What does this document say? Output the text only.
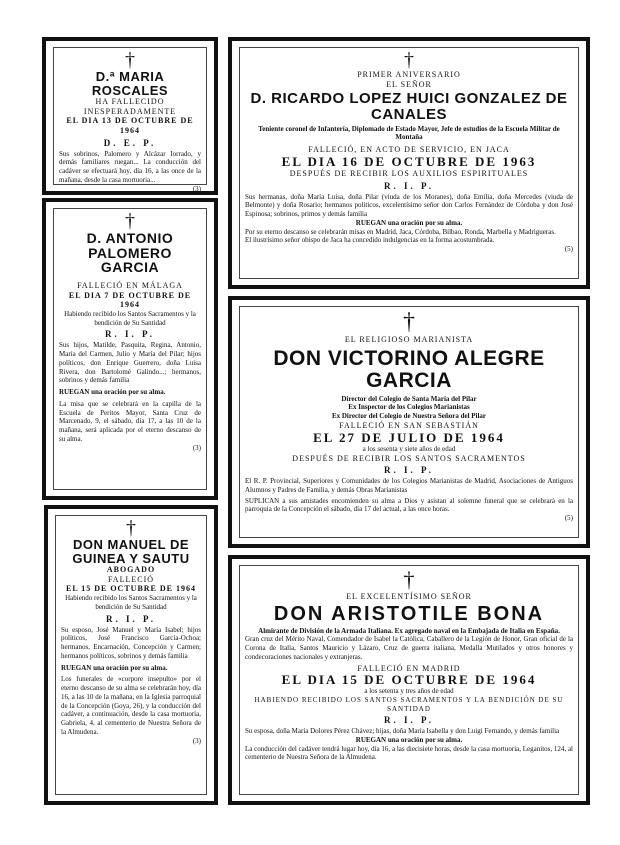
†
D.ª MARIA ROSCALES
HA FALLECIDO INESPERADAMENTE
EL DIA 13 DE OCTUBRE DE 1964
D. E. P.
Sus sobrinos, Palomero y Alcázar Iorrado, y demás familiares ruegan... La conducción del cadáver se efectuará hoy, día 16, a las once de la mañana, desde la casa mortuoria...
(3)
†
D. ANTONIO PALOMERO GARCIA
FALLECIÓ EN MÁLAGA
EL DIA 7 DE OCTUBRE DE 1964
Habiendo recibido los Santos Sacramentos y la bendición de Su Santidad
R. I. P.
Sus hijos, Matilde, Pasquita, Regina, Antonio, María del Carmen, Julio y María del Pilar; hijos políticos, don Enrique Guerrero, doña Luisa Rivera, don Bartolomé Galindo...; hermanos, sobrinos y demás familia
RUEGAN una oración por su alma.
La misa que se celebrará en la capilla de la Escuela de Peritos Mayor, Santa Cruz de Marcenado, 9, el sábado, día 17, a las 10 de la mañana, será aplicada por el eterno descanso de su alma.
(3)
†
DON MANUEL DE GUINEA Y SAUTU
ABOGADO
FALLECIÓ
EL 15 DE OCTUBRE DE 1964
Habiendo recibido los Santos Sacramentos y la bendición de Su Santidad
R. I. P.
Su esposo, José Manuel y María Isabel; hijos políticos, José Francisco García-Ochoa; hermanos, Encarnación, Concepción y Carmen; hermanos políticos, sobrinos y demás familia
RUEGAN una oración por su alma.
Los funerales de «corpore insepulto» por el eterno descanso de su alma se celebrarán hoy, día 16, a las 10 de la mañana, en la Iglesia parroquial de la Concepción (Goya, 26), y la conducción del cadáver, a continuación, desde la casa mortuoria, Gabriela, 4, al cementerio de Nuestra Señora de la Almudena.
(3)
†
PRIMER ANIVERSARIO
EL SEÑOR
D. RICARDO LOPEZ HUICI GONZALEZ DE CANALES
Teniente coronel de Infantería, Diplomado de Estado Mayor, Jefe de estudios de la Escuela Militar de Montaña
FALLECIÓ, EN ACTO DE SERVICIO, EN JACA
EL DIA 16 DE OCTUBRE DE 1963
DESPUÉS DE RECIBIR LOS AUXILIOS ESPIRITUALES
R. I. P.
Sus hermanas, doña María Luisa, doña Pilar (viuda de los Moranes), doña Emilia, doña Mercedes (viuda de Belmonte) y doña Rosario; hermanos políticos, excelentísimo señor don Carlos Fernández de Córdoba y don José Espinosa; sobrinos, primos y demás familia
RUEGAN una oración por su alma.
Por su eterno descanso se celebrarán misas en Madrid, Jaca, Córdoba, Bilbao, Ronda, Marbella y Madrigueras.
El ilustrísimo señor obispo de Jaca ha concedido indulgencias en la forma acostumbrada.
(5)
†
EL RELIGIOSO MARIANISTA
DON VICTORINO ALEGRE GARCIA
Director del Colegio de Santa María del Pilar
Ex Inspector de los Colegios Marianistas
Ex Director del Colegio de Nuestra Señora del Pilar
FALLECIÓ EN SAN SEBASTIÁN
EL 27 DE JULIO DE 1964
a los sesenta y siete años de edad
DESPUÉS DE RECIBIR LOS SANTOS SACRAMENTOS
R. I. P.
El R. P. Provincial, Superiores y Comunidades de los Colegios Marianistas de Madrid, Asociaciones de Antiguos Alumnos y Padres de Familia, y demás Obras Marianistas
SUPLICAN a sus amistades encomienden su alma a Dios y asistan al solemne funeral que se celebrará en la parroquia de la Concepción el sábado, día 17 del actual, a las once horas.
(5)
†
EL EXCELENTÍSIMO SEÑOR
DON ARISTOTILE BONA
Almirante de División de la Armada Italiana. Ex agregado naval en la Embajada de Italia en España.
Gran cruz del Mérito Naval, Comendador de Isabel la Católica, Caballero de la Legión de Honor, Gran oficial de la Corona de Italia, Santos Mauricio y Lázaro, Cruz de guerra italiana, Medalla Mutilados y otros honores y condecoraciones nacionales y extranjeras.
FALLECIÓ EN MADRID
EL DIA 15 DE OCTUBRE DE 1964
a los setenta y tres años de edad
HABIENDO RECIBIDO LOS SANTOS SACRAMENTOS Y LA BENDICIÓN DE SU SANTIDAD
R. I. P.
Su esposa, doña María Dolores Pérez Chávez; hijas, doña María Isabella y don Luigi Fernando, y demás familia
RUEGAN una oración por su alma.
La conducción del cadáver tendrá lugar hoy, día 16, a las diecisiete horas, desde la casa mortuoria, Leganitos, 124, al cementerio de Nuestra Señora de la Almudena.
